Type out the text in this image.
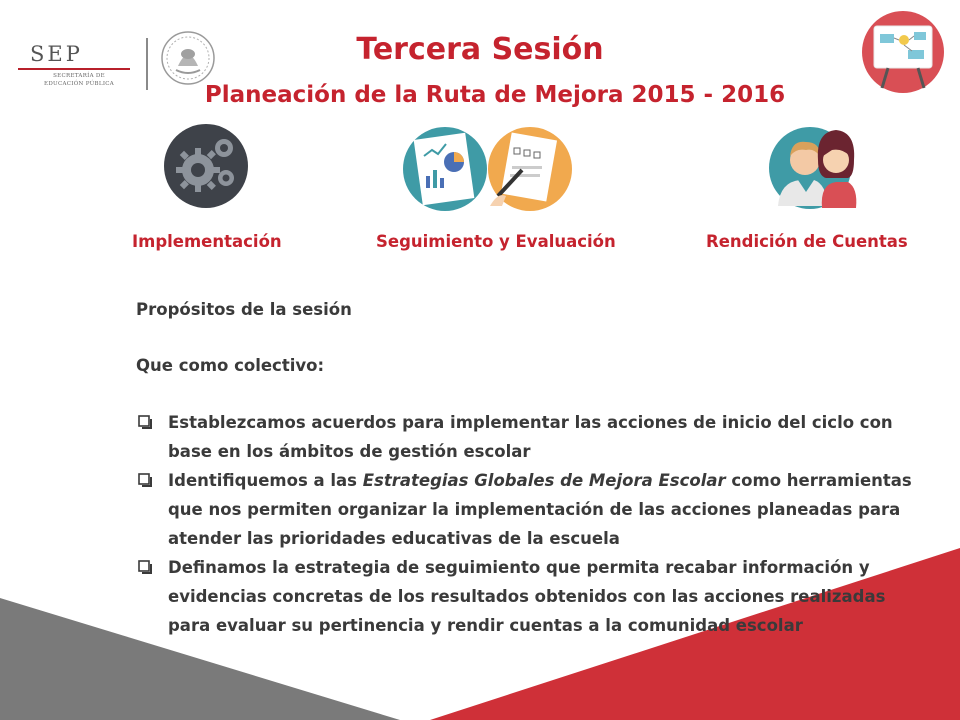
SEP
SECRETARÍA DE
EDUCACIÓN PÚBLICA
Tercera Sesión
Planeación de la Ruta de Mejora 2015 - 2016
Implementación	Seguimiento y Evaluación	Rendición de Cuentas

Propósitos de la sesión

Que como colectivo:

Establezcamos acuerdos para implementar las acciones de inicio del ciclo con base en los ámbitos de gestión escolar
Identifiquemos a las Estrategias Globales de Mejora Escolar como herramientas que nos permiten organizar la implementación de las acciones planeadas para atender las prioridades educativas de la escuela
Definamos la estrategia de seguimiento que permita recabar información y evidencias concretas de los resultados obtenidos con las acciones realizadas para evaluar su pertinencia y rendir cuentas a la comunidad escolar
